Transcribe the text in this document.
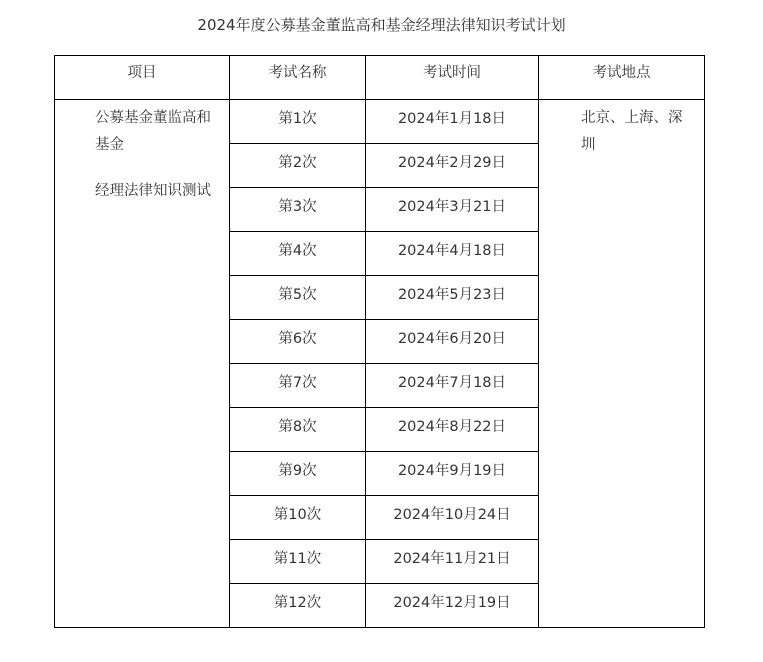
2024年度公募基金董监高和基金经理法律知识考试计划
项目	考试名称	考试时间	考试地点

公募基金董监高和
基金
经理法律知识测试	第1次	2024年1月18日	北京、上海、深
圳

	第2次	2024年2月29日	
	第3次	2024年3月21日	
	第4次	2024年4月18日	
	第5次	2024年5月23日	
	第6次	2024年6月20日	
	第7次	2024年7月18日	
	第8次	2024年8月22日	
	第9次	2024年9月19日	
	第10次	2024年10月24日	
	第11次	2024年11月21日	
	第12次	2024年12月19日	
